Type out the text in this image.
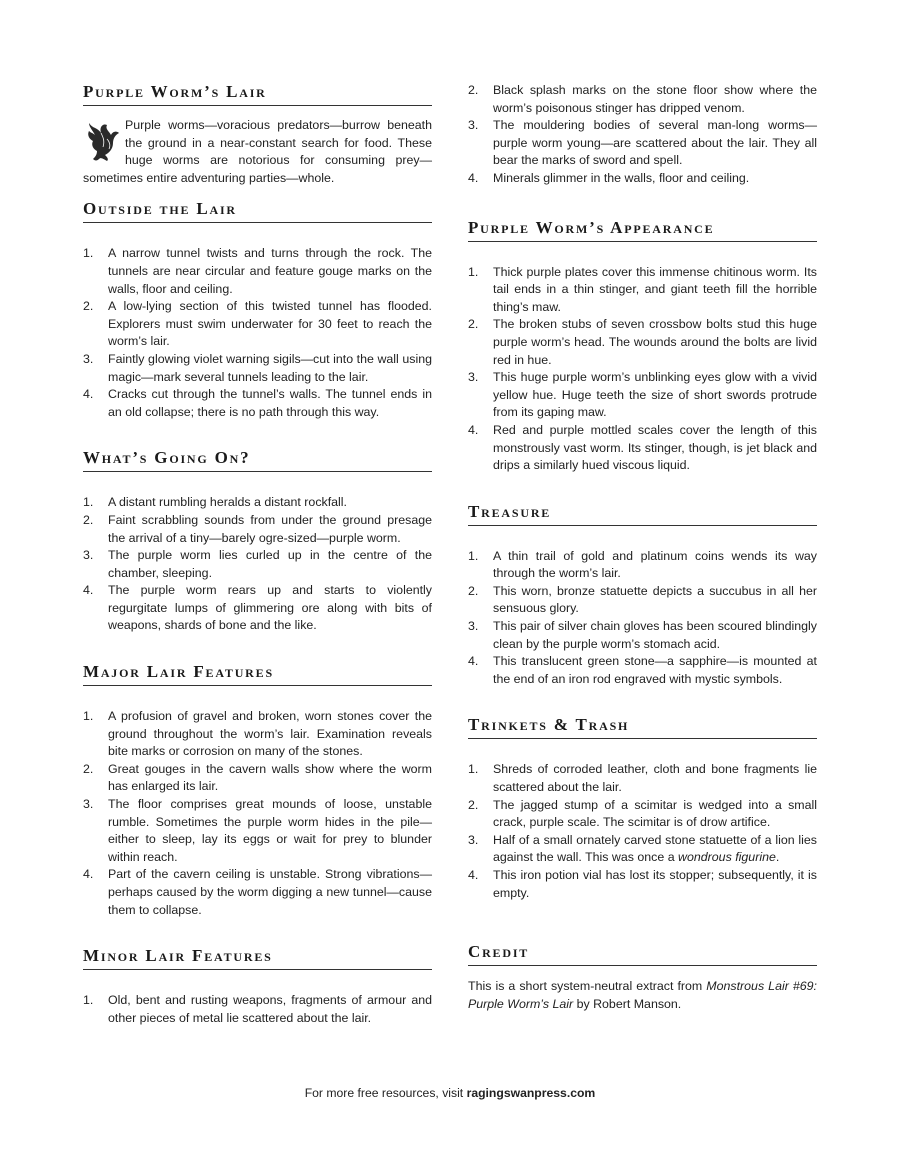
Purple Worm’s Lair
Purple worms—voracious predators—burrow beneath the ground in a near-constant search for food. These huge worms are notorious for consuming prey—sometimes entire adventuring parties—whole.
Outside the Lair
1.	A narrow tunnel twists and turns through the rock. The tunnels are near circular and feature gouge marks on the walls, floor and ceiling.
2.	A low-lying section of this twisted tunnel has flooded. Explorers must swim underwater for 30 feet to reach the worm’s lair.
3.	Faintly glowing violet warning sigils—cut into the wall using magic—mark several tunnels leading to the lair.
4.	Cracks cut through the tunnel’s walls. The tunnel ends in an old collapse; there is no path through this way.
What’s Going On?
1.	A distant rumbling heralds a distant rockfall.
2.	Faint scrabbling sounds from under the ground presage the arrival of a tiny—barely ogre-sized—purple worm.
3.	The purple worm lies curled up in the centre of the chamber, sleeping.
4.	The purple worm rears up and starts to violently regurgitate lumps of glimmering ore along with bits of weapons, shards of bone and the like.
Major Lair Features
1.	A profusion of gravel and broken, worn stones cover the ground throughout the worm’s lair. Examination reveals bite marks or corrosion on many of the stones.
2.	Great gouges in the cavern walls show where the worm has enlarged its lair.
3.	The floor comprises great mounds of loose, unstable rumble. Sometimes the purple worm hides in the pile—either to sleep, lay its eggs or wait for prey to blunder within reach.
4.	Part of the cavern ceiling is unstable. Strong vibrations—perhaps caused by the worm digging a new tunnel—cause them to collapse.
Minor Lair Features
1.	Old, bent and rusting weapons, fragments of armour and other pieces of metal lie scattered about the lair.
2.	Black splash marks on the stone floor show where the worm’s poisonous stinger has dripped venom.
3.	The mouldering bodies of several man-long worms—purple worm young—are scattered about the lair. They all bear the marks of sword and spell.
4.	Minerals glimmer in the walls, floor and ceiling.
Purple Worm’s Appearance
1.	Thick purple plates cover this immense chitinous worm. Its tail ends in a thin stinger, and giant teeth fill the horrible thing’s maw.
2.	The broken stubs of seven crossbow bolts stud this huge purple worm’s head. The wounds around the bolts are livid red in hue.
3.	This huge purple worm’s unblinking eyes glow with a vivid yellow hue. Huge teeth the size of short swords protrude from its gaping maw.
4.	Red and purple mottled scales cover the length of this monstrously vast worm. Its stinger, though, is jet black and drips a similarly hued viscous liquid.
Treasure
1.	A thin trail of gold and platinum coins wends its way through the worm’s lair.
2.	This worn, bronze statuette depicts a succubus in all her sensuous glory.
3.	This pair of silver chain gloves has been scoured blindingly clean by the purple worm’s stomach acid.
4.	This translucent green stone—a sapphire—is mounted at the end of an iron rod engraved with mystic symbols.
Trinkets & Trash
1.	Shreds of corroded leather, cloth and bone fragments lie scattered about the lair.
2.	The jagged stump of a scimitar is wedged into a small crack, purple scale. The scimitar is of drow artifice.
3.	Half of a small ornately carved stone statuette of a lion lies against the wall. This was once a wondrous figurine.
4.	This iron potion vial has lost its stopper; subsequently, it is empty.
Credit
This is a short system-neutral extract from Monstrous Lair #69: Purple Worm’s Lair by Robert Manson.
For more free resources, visit ragingswanpress.com
